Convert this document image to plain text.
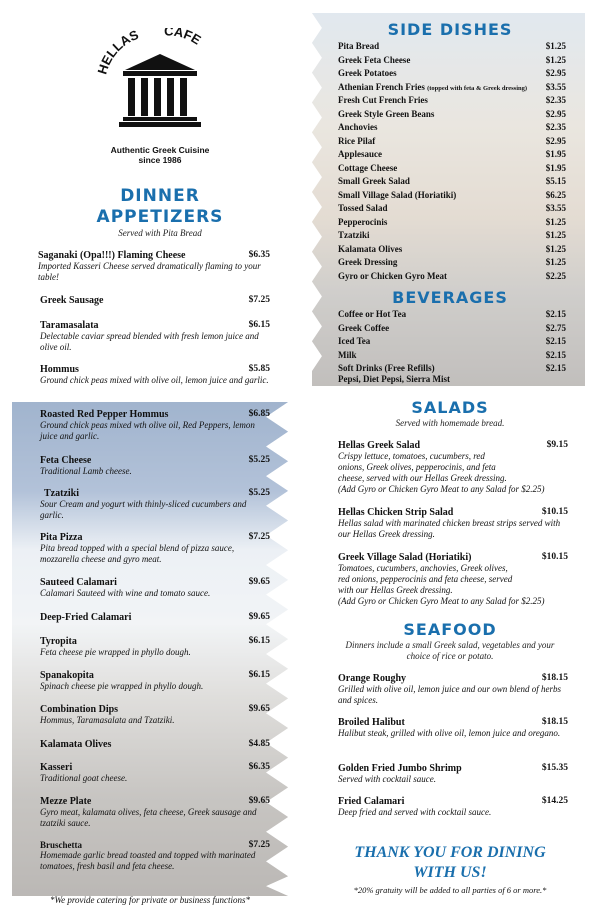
HELLAS CAFE
Authentic Greek Cuisine
since 1986
DINNER
APPETIZERS
Served with Pita Bread
Saganaki (Opa!!!) Flaming Cheese	$6.35
Imported Kasseri Cheese served dramatically flaming to your table!
Greek Sausage	$7.25
Taramasalata	$6.15
Delectable caviar spread blended with fresh lemon juice and olive oil.
Hommus	$5.85
Ground chick peas mixed with olive oil, lemon juice and garlic.
Roasted Red Pepper Hommus	$6.85
Ground chick peas mixed wth olive oil, Red Peppers, lemon juice and garlic.
Feta Cheese	$5.25
Traditional Lamb cheese.
Tzatziki	$5.25
Sour Cream and yogurt with thinly-sliced cucumbers and garlic.
Pita Pizza	$7.25
Pita bread topped with a special blend of pizza sauce, mozzarella cheese and gyro meat.
Sauteed Calamari	$9.65
Calamari Sauteed with wine and tomato sauce.
Deep-Fried Calamari	$9.65
Tyropita	$6.15
Feta cheese pie wrapped in phyllo dough.
Spanakopita	$6.15
Spinach cheese pie wrapped in phyllo dough.
Combination Dips	$9.65
Hommus, Taramasalata and Tzatziki.
Kalamata Olives	$4.85
Kasseri	$6.35
Traditional goat cheese.
Mezze Plate	$9.65
Gyro meat, kalamata olives, feta cheese, Greek sausage and tzatziki sauce.
Bruschetta	$7.25
Homemade garlic bread toasted and topped with marinated tomatoes, fresh basil and feta cheese.
*We provide catering for private or business functions*
SIDE DISHES
Pita Bread	$1.25
Greek Feta Cheese	$1.25
Greek Potatoes	$2.95
Athenian French Fries (topped with feta & Greek dressing) $3.55
Fresh Cut French Fries	$2.35
Greek Style Green Beans	$2.95
Anchovies	$2.35
Rice Pilaf	$2.95
Applesauce	$1.95
Cottage Cheese	$1.95
Small Greek Salad	$5.15
Small Village Salad (Horiatiki)	$6.25
Tossed Salad	$3.55
Pepperocinis	$1.25
Tzatziki	$1.25
Kalamata Olives	$1.25
Greek Dressing	$1.25
Gyro or Chicken Gyro Meat	$2.25
BEVERAGES
Coffee or Hot Tea	$2.15
Greek Coffee	$2.75
Iced Tea	$2.15
Milk	$2.15
Soft Drinks (Free Refills)	$2.15
Pepsi, Diet Pepsi, Sierra Mist
SALADS
Served with homemade bread.
Hellas Greek Salad	$9.15
Crispy lettuce, tomatoes, cucumbers, red onions, Greek olives, pepperocinis, and feta cheese, served with our Hellas Greek dressing.
(Add Gyro or Chicken Gyro Meat to any Salad for $2.25)
Hellas Chicken Strip Salad	$10.15
Hellas salad with marinated chicken breast strips served with our Hellas Greek dressing.
Greek Village Salad (Horiatiki)	$10.15
Tomatoes, cucumbers, anchovies, Greek olives, red onions, pepperocinis and feta cheese, served with our Hellas Greek dressing.
(Add Gyro or Chicken Gyro Meat to any Salad for $2.25)
SEAFOOD
Dinners include a small Greek salad, vegetables and your choice of rice or potato.
Orange Roughy	$18.15
Grilled with olive oil, lemon juice and our own blend of herbs and spices.
Broiled Halibut	$18.15
Halibut steak, grilled with olive oil, lemon juice and oregano.
Golden Fried Jumbo Shrimp	$15.35
Served with cocktail sauce.
Fried Calamari	$14.25
Deep fried and served with cocktail sauce.
THANK YOU FOR DINING
WITH US!
*20% gratuity will be added to all parties of 6 or more.*
